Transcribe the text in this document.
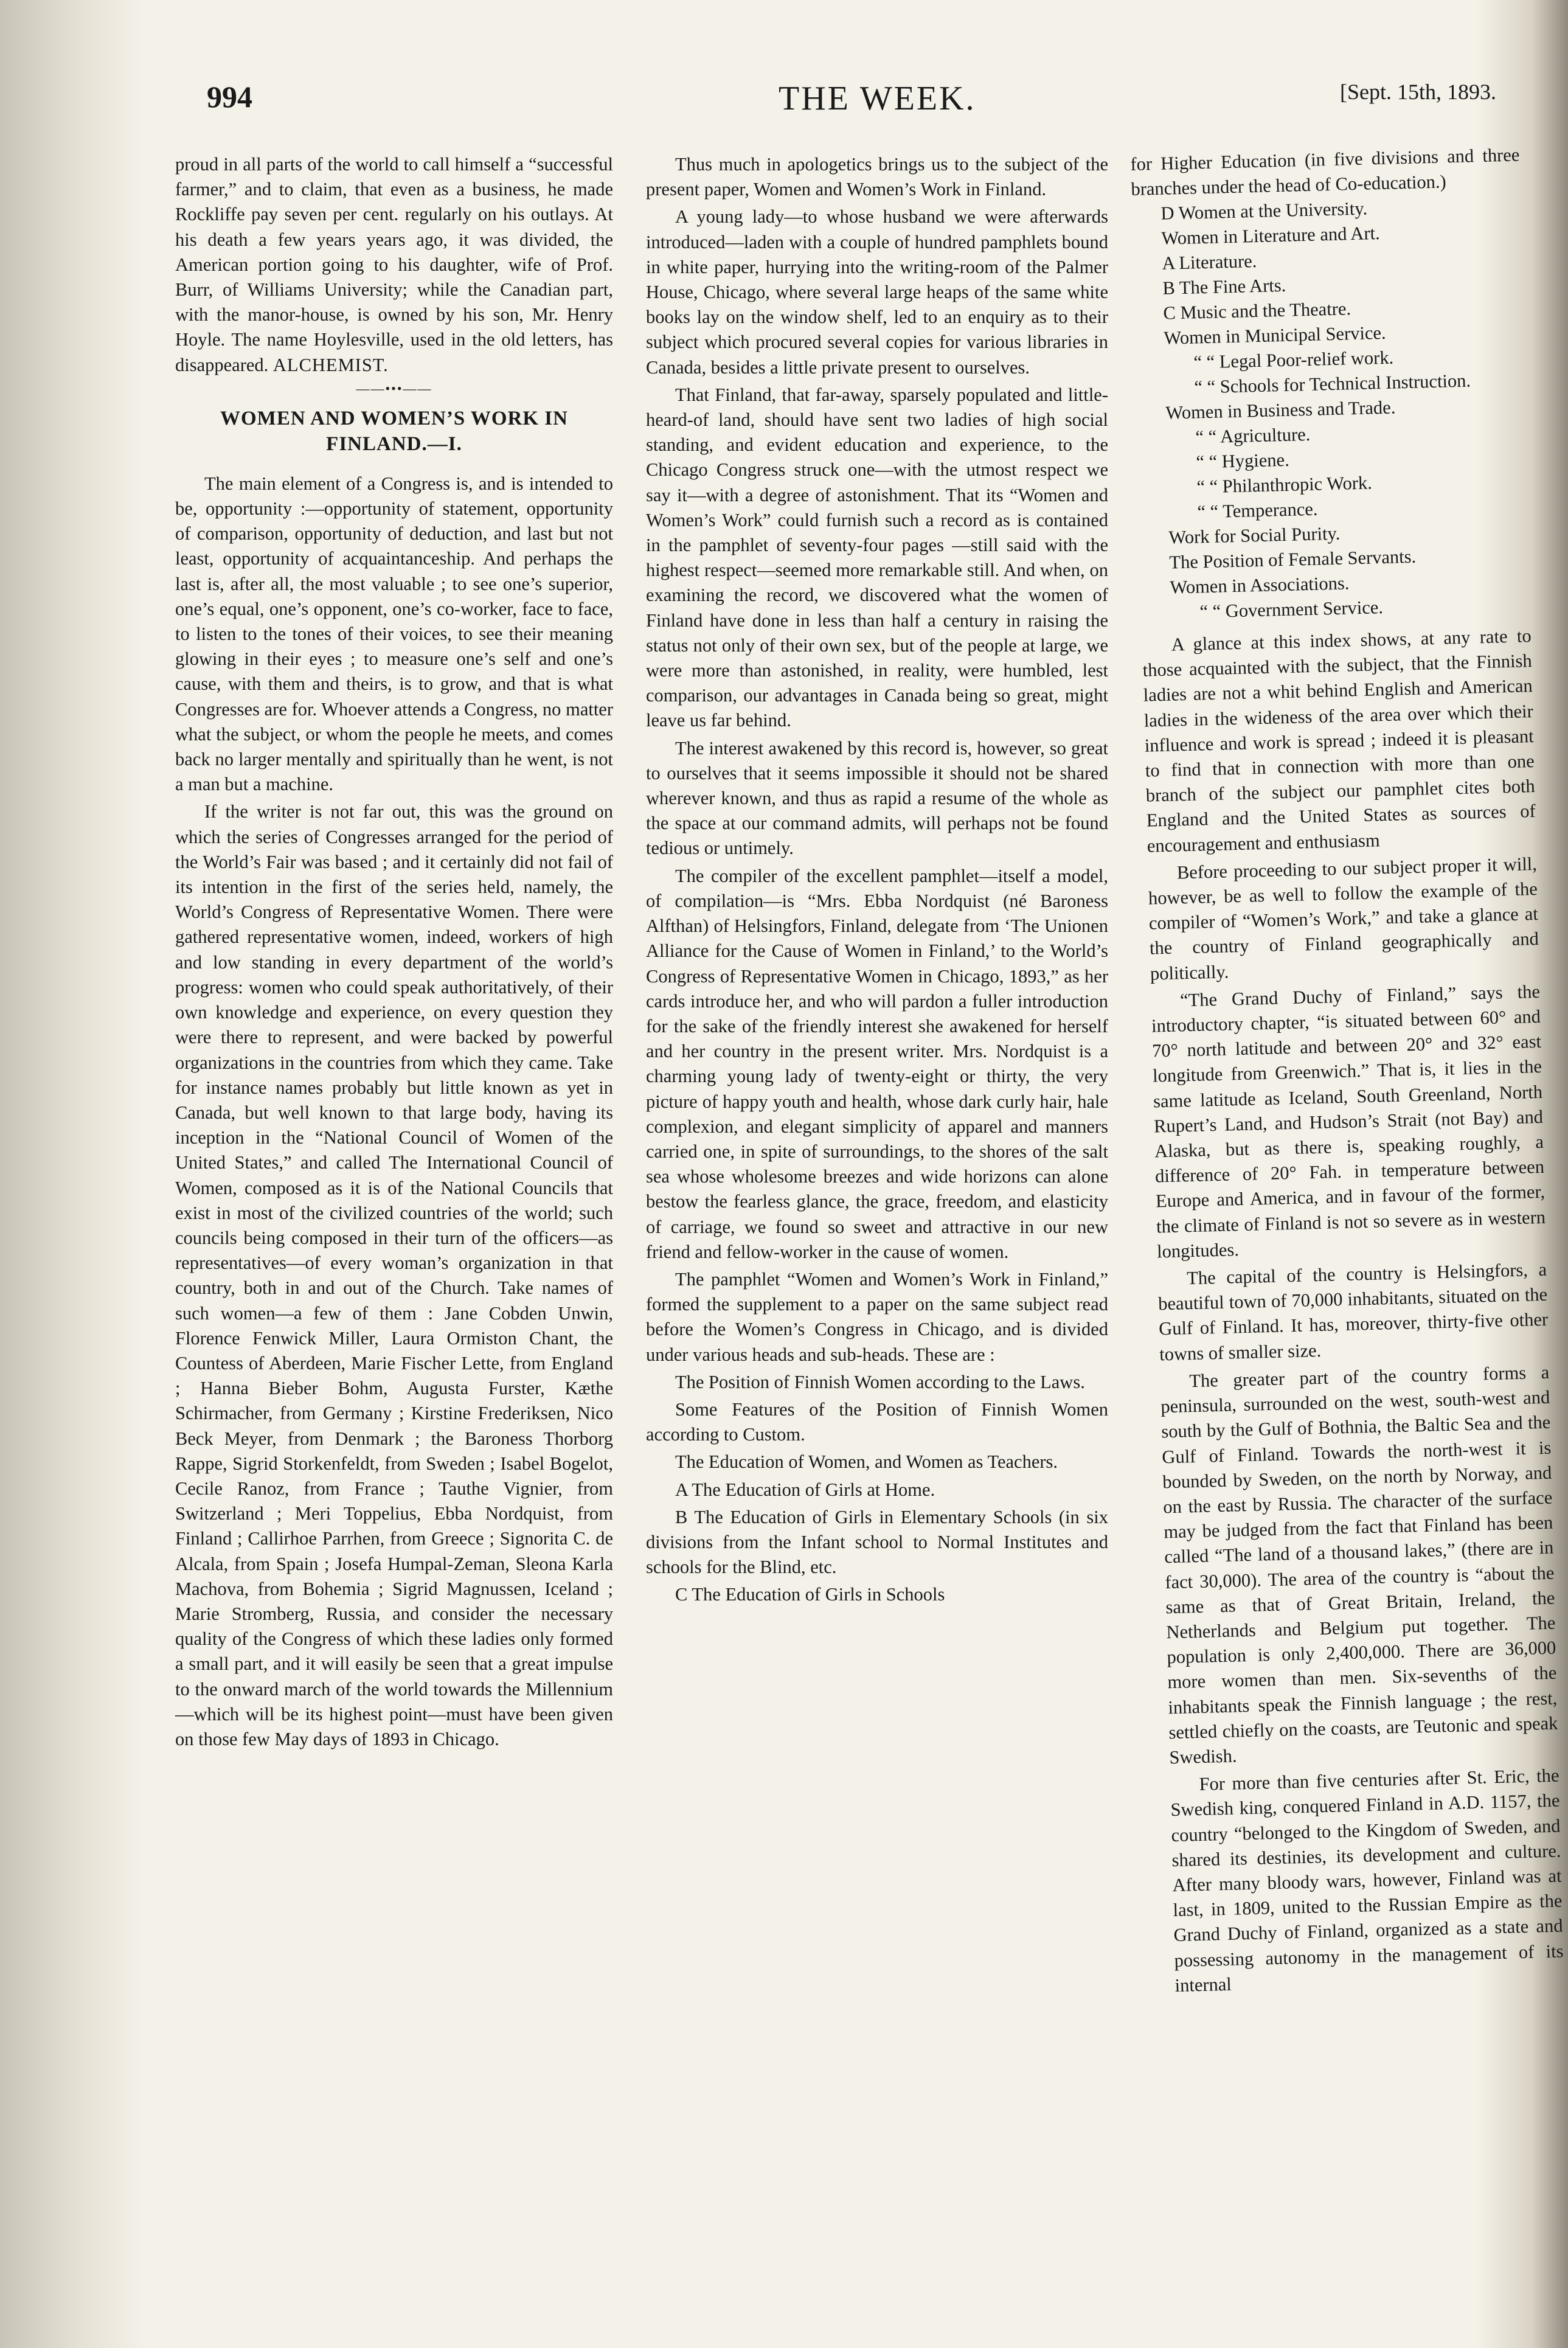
994	THE WEEK.	[Sept. 15th, 1893.

proud in all parts of the world to call himself a “successful farmer,” and to claim, that even as a business, he made Rockliffe pay seven per cent. regularly on his outlays. At his death a few years years ago, it was divided, the American portion going to his daughter, wife of Prof. Burr, of Williams University; while the Canadian part, with the manor-house, is owned by his son, Mr. Henry Hoyle. The name Hoylesville, used in the old letters, has disappeared. ALCHEMIST.

——•••——
WOMEN AND WOMEN’S WORK IN FINLAND.—I.

The main element of a Congress is, and is intended to be, opportunity :—opportunity of statement, opportunity of comparison, opportunity of deduction, and last but not least, opportunity of acquaintanceship. And perhaps the last is, after all, the most valuable ; to see one’s superior, one’s equal, one’s opponent, one’s co-worker, face to face, to listen to the tones of their voices, to see their meaning glowing in their eyes ; to measure one’s self and one’s cause, with them and theirs, is to grow, and that is what Congresses are for. Whoever attends a Congress, no matter what the subject, or whom the people he meets, and comes back no larger mentally and spiritually than he went, is not a man but a machine.

If the writer is not far out, this was the ground on which the series of Congresses arranged for the period of the World’s Fair was based ; and it certainly did not fail of its intention in the first of the series held, namely, the World’s Congress of Representative Women. There were gathered representative women, indeed, workers of high and low standing in every department of the world’s progress: women who could speak authoritatively, of their own knowledge and experience, on every question they were there to represent, and were backed by powerful organizations in the countries from which they came. Take for instance names probably but little known as yet in Canada, but well known to that large body, having its inception in the “National Council of Women of the United States,” and called The International Council of Women, composed as it is of the National Councils that exist in most of the civilized countries of the world; such councils being composed in their turn of the officers—as representatives—of every woman’s organization in that country, both in and out of the Church. Take names of such women—a few of them : Jane Cobden Unwin, Florence Fenwick Miller, Laura Ormiston Chant, the Countess of Aberdeen, Marie Fischer Lette, from England ; Hanna Bieber Bohm, Augusta Furster, Kæthe Schirmacher, from Germany ; Kirstine Frederiksen, Nico Beck Meyer, from Denmark ; the Baroness Thorborg Rappe, Sigrid Storkenfeldt, from Sweden ; Isabel Bogelot, Cecile Ranoz, from France ; Tauthe Vignier, from Switzerland ; Meri Toppelius, Ebba Nordquist, from Finland ; Callirhoe Parrhen, from Greece ; Signorita C. de Alcala, from Spain ; Josefa Humpal-Zeman, Sleona Karla Machova, from Bohemia ; Sigrid Magnussen, Iceland ; Marie Stromberg, Russia, and consider the necessary quality of the Congress of which these ladies only formed a small part, and it will easily be seen that a great impulse to the onward march of the world towards the Millennium—which will be its highest point—must have been given on those few May days of 1893 in Chicago.

Thus much in apologetics brings us to the subject of the present paper, Women and Women’s Work in Finland.

A young lady—to whose husband we were afterwards introduced—laden with a couple of hundred pamphlets bound in white paper, hurrying into the writing-room of the Palmer House, Chicago, where several large heaps of the same white books lay on the window shelf, led to an enquiry as to their subject which procured several copies for various libraries in Canada, besides a little private present to ourselves.

That Finland, that far-away, sparsely populated and little-heard-of land, should have sent two ladies of high social standing, and evident education and experience, to the Chicago Congress struck one—with the utmost respect we say it—with a degree of astonishment. That its “Women and Women’s Work” could furnish such a record as is contained in the pamphlet of seventy-four pages —still said with the highest respect—seemed more remarkable still. And when, on examining the record, we discovered what the women of Finland have done in less than half a century in raising the status not only of their own sex, but of the people at large, we were more than astonished, in reality, were humbled, lest comparison, our advantages in Canada being so great, might leave us far behind.

The interest awakened by this record is, however, so great to ourselves that it seems impossible it should not be shared wherever known, and thus as rapid a resume of the whole as the space at our command admits, will perhaps not be found tedious or untimely.

The compiler of the excellent pamphlet—itself a model, of compilation—is “Mrs. Ebba Nordquist (né Baroness Alfthan) of Helsingfors, Finland, delegate from ‘The Unionen Alliance for the Cause of Women in Finland,’ to the World’s Congress of Representative Women in Chicago, 1893,” as her cards introduce her, and who will pardon a fuller introduction for the sake of the friendly interest she awakened for herself and her country in the present writer. Mrs. Nordquist is a charming young lady of twenty-eight or thirty, the very picture of happy youth and health, whose dark curly hair, hale complexion, and elegant simplicity of apparel and manners carried one, in spite of surroundings, to the shores of the salt sea whose wholesome breezes and wide horizons can alone bestow the fearless glance, the grace, freedom, and elasticity of carriage, we found so sweet and attractive in our new friend and fellow-worker in the cause of women.

The pamphlet “Women and Women’s Work in Finland,” formed the supplement to a paper on the same subject read before the Women’s Congress in Chicago, and is divided under various heads and sub-heads. These are :

The Position of Finnish Women according to the Laws.

Some Features of the Position of Finnish Women according to Custom.

The Education of Women, and Women as Teachers.

A The Education of Girls at Home.

B The Education of Girls in Elementary Schools (in six divisions from the Infant school to Normal Institutes and schools for the Blind, etc.

C The Education of Girls in Schools

for Higher Education (in five divisions and three branches under the head of Co-education.)
D Women at the University.
Women in Literature and Art.
A Literature.
B The Fine Arts.
C Music and the Theatre.
Women in Municipal Service.
“ “ Legal Poor-relief work.
“ “ Schools for Technical Instruction.
Women in Business and Trade.
“ “ Agriculture.
“ “ Hygiene.
“ “ Philanthropic Work.
“ “ Temperance.
Work for Social Purity.
The Position of Female Servants.
Women in Associations.
“ “ Government Service.

A glance at this index shows, at any rate to those acquainted with the subject, that the Finnish ladies are not a whit behind English and American ladies in the wideness of the area over which their influence and work is spread ; indeed it is pleasant to find that in connection with more than one branch of the subject our pamphlet cites both England and the United States as sources of encouragement and enthusiasm

Before proceeding to our subject proper it will, however, be as well to follow the example of the compiler of “Women’s Work,” and take a glance at the country of Finland geographically and politically.

“The Grand Duchy of Finland,” says the introductory chapter, “is situated between 60° and 70° north latitude and between 20° and 32° east longitude from Greenwich.” That is, it lies in the same latitude as Iceland, South Greenland, North Rupert’s Land, and Hudson’s Strait (not Bay) and Alaska, but as there is, speaking roughly, a difference of 20° Fah. in temperature between Europe and America, and in favour of the former, the climate of Finland is not so severe as in western longitudes.

The capital of the country is Helsingfors, a beautiful town of 70,000 inhabitants, situated on the Gulf of Finland. It has, moreover, thirty-five other towns of smaller size.

The greater part of the country forms a peninsula, surrounded on the west, south-west and south by the Gulf of Bothnia, the Baltic Sea and the Gulf of Finland. Towards the north-west it is bounded by Sweden, on the north by Norway, and on the east by Russia. The character of the surface may be judged from the fact that Finland has been called “The land of a thousand lakes,” (there are in fact 30,000). The area of the country is “about the same as that of Great Britain, Ireland, the Netherlands and Belgium put together. The population is only 2,400,000. There are 36,000 more women than men. Six-sevenths of the inhabitants speak the Finnish language ; the rest, settled chiefly on the coasts, are Teutonic and speak Swedish.

For more than five centuries after St. Eric, the Swedish king, conquered Finland in A.D. 1157, the country “belonged to the Kingdom of Sweden, and shared its destinies, its development and culture. After many bloody wars, however, Finland was at last, in 1809, united to the Russian Empire as the Grand Duchy of Finland, organized as a state and possessing autonomy in the management of its internal
